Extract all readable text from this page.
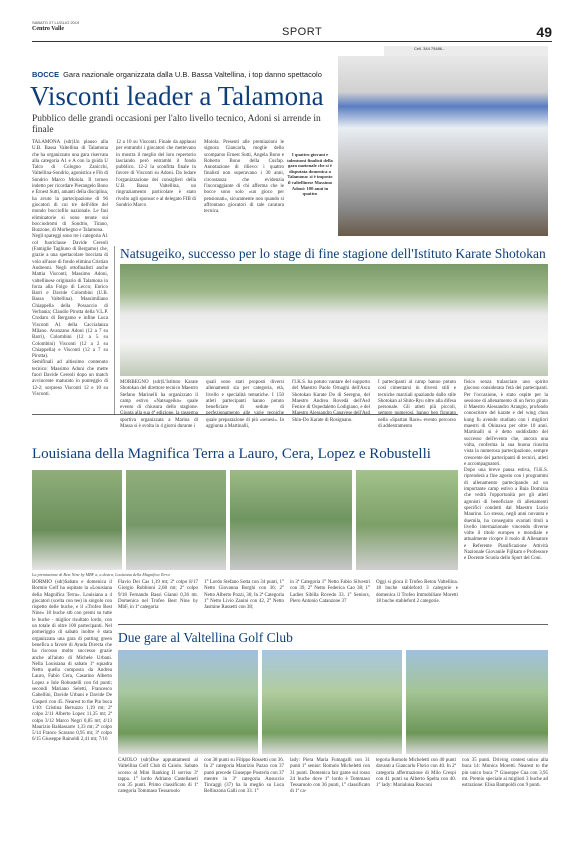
SABATO 27 LUGLIO 2019
Centro Valle	SPORT	49
BOCCE Gara nazionale organizzata dalla U.B. Bassa Valtellina, i top danno spettacolo
Visconti leader a Talamona
Pubblico delle grandi occasioni per l'alto livello tecnico, Adoni si arrende in finale

TALAMONA (sdr)Un plauso alla U.B. Bassa Valtellina di Talamona che ha organizzato una gara riservata alla categoria A1 e A con la guida U Talco di Cologno Zanicchi, Valtellina-Sondrio, agonistica e Fib di Sondrio Marco Moiola. Il torneo indetto per ricordare Pierangelo Bono e Ernest Sutti, amanti della disciplina, ha avuto la partecipazione di 96 giocatori di cui tre dell'élite del mondo bocciofilo nazionale. Le fasi eliminatorie si sono tenute sui bocciodromi di Sondrio, Tirano, Buzzone, di Morbegno e Talamona.

Negli spareggi sono tre i categoria A1 col fuoriclasse Davide Cereoli (Famiglie Tagliuno di Bergamo) che, grazie a una spettacolare bocciata di volo all'asse di fondo elimina Cristian Andreoni. Negli ottofinalisti anche Mattia Visconti; Massimo Adoni, valtellinese originario di Talamona in forza alla Folgo di Lecco; Enrico Barri e Davide Colombini (U.B. Bassa Valtellina). Massimiliano Chiappella della Possaccio di Verbania; Claudio Pirotta della V.L.P. Crodaro di Bergamo e infine Luca Visconti A1 della Caccialanza Milano. Avanzano Adoni (12 a 7 su Barri), Colombini (12 a 5 su Colombini) Visconti (12 a 2 su Chiappella) e Visconti (12 a 7 su Pirotta).

Semifinali ad altissimo contenuto tecnico: Massimo Adoni che mette fuori Davide Cereoli dopo un match avvincente maturato in punteggio di 12-2; sorpreso Visconti 12 e 10 su Visconti.

12 a 10 su Visconti. Finale da applausi per entrambi i giocatori che mettevano in mostra il meglio del loro repertorio lasciando però entrambi il fondo pubblico. 12-2 la sconfitta finale in favore di Visconti su Adoni. Da lodare l'organizzazione dei consiglieri della U.B. Bassa Valtellina, un ringraziamento particolare è stato rivolto agli sponsor e al delegato FIB di Sondrio Marco

Moiola. Presenti alle premiazioni le signora Giancarla, moglie dello scomparso Ernest Sutti, Angela Bono e Roberto Bono della Cusfap. Annotazione di rilievo: i quattro finalisti non superavano i 30 anni, circostanza che evidenzia l'incoraggiante di chi afferma che le bocce sono solo «un gioco per pensionati», sicuramente non quando si affrontano giocatori di tale caratura tecnica.

Cell. 344 75486...
I quattro giovani e talentuosi finalisti della gara nazionale che si è disputata domenica a Talamona: si è imposto il valtellinese Massimo Adoni: 100 anni in quattro
Natsugeiko, successo per lo stage di fine stagione dell'Istituto Karate Shotokan

MORBEGNO (sdr)L'Istituto Karate Shotokan del direttore tecnico Maestro Stefano Marinelli ha organizzato il camp estivo «Natsugeiko» quale evento di chiusura dello stagione. sportiva organizzata a Marina di Massa si è svolta in 4 giorni durante i

quali sono stati proposti diversi allenamenti sia per categoria, età, livello e specialità tematiche. I 150 atleti partecipanti hanno potuto beneficiare di sedute di quale preparazione di più «senesi». In aggiunta a Martinalli,

l'I.K.S. ha potuto vantare del supporto del Maestro Paolo Ornaghi dell'Asca Shotokan Karate Do di Seregno, del Maestro Andrea Rovedà dell'Asd Fenice di Ospedaletto Lodigiano, e del Shin-Do Karate di Rosignano.

I partecipanti al camp hanno potuto così cimentarsi in diversi stili e tecniche marziali spaziando dallo stile Shotokan al Shito-Ryu oltre alla difesa personale. Gli atleti più piccoli, nella «Spartan Race» evento percorso di addestramento

fisico senza tralasciare uno spirito giocoso considerata l'età dei partecipanti. Per l'occasione, è stato ospite per la sessione di allenamento di un ferro girato il Maestro Alessandro Arangio, profondo conoscitore del karate e del wing chun kung fu avendo studiato con i migliori maestri di Okinawa per oltre 10 anni. Martinalli si è detto soddisfatto del successo dell'evento che, ancora una volta, conferma la sua buona riuscita vista la numerosa partecipazione, sempre crescente dei partecipanti di tecnici, atleti e accompagnatori.

Dopo una breve pausa estiva, l'I.K.S. riprenderà a fine agosto con i programmi di allenamento partecipando ad un importante camp estivo a Baia Domizia che vedrà l'opportunità per gli atleti agonisti di beneficiare di allenamenti specifici condotti dal Maestro Lucio Maurino. Lo stesso, negli anni novanta e duemila, ha conseguito svariati titoli a livello internazionale vincendo diverse volte il titolo europeo e mondiale e attualmente ricopre il ruolo di Allenatore e Referente Pianificazione Attività Nazionale Giovanile Fijlkam e Professore e Docente Scuola dello Sport del Coni.

Louisiana della Magnifica Terra a Lauro, Cera, Lopez e Robustelli
La premiazione di Best Nine by MBF a, a destra, Louisiana della Magnifica Terra

BORMIO (sdr)Sabato e domenica il Bormio Golf ha ospitato la «Louisiana della Magnifica Terra». Louisiana a 4 giocatori (scelta con tee) in singolo con rispetto delle buche, e il «Trofeo Best Nine» 18 buche stb con premi su tutte le buche - miglior risultato lordo, con un totale di oltre 100 partecipanti. Nel pomeriggio di sabato inoltre è stata organizzata una gara di putting green benefica a favore di Ayuda Directa che ha riscosso molto successo grazie anche all'aiuto di Michele Urbani. Nella Louisiana di sabato 1ª squadra Netto quella composta da Andrea Lauro, Fabio Cera, Casarino Alberto Lopez e Iole Robustelli con 64 punti; secondi Mariano Seletti, Francesco Gabellini, Davide Urbani e Davide De Gasperi con 45. Nearest to the Pin buca 1/10: Cristina Bertuzzo 1,19 mt; 2ª colpo 2/11 Alberto Lopez 11,35 mt; 2ª colpo 3/12 Marco Negri 0,85 mt; 4/13 Maurizio Baldassarre 1,33 mt; 2ª colpo 5/14 Franco Scarano 0,95 mt; 3ª colpo 6/15 Giuseppe Rainoldi 2,41 mt; 7/16

Flavio Dei Cas 1,19 mt; 2ª colpo 8/17 Giorgio Robbioni 2,68 mt; 2ª colpo 9/18 Fernando Bassi Gianni 0,36 mt. Domenica nel Trofeo Best Nine by MbF, in 1ª categoria

1° Lordo Stefano Sotta con 34 punti, 1° Netto Giovanna Borghi con 36; 2° Netto Alberto Pozzi, 36; In 2ª Categoria 1° Netto Livio Zanini con 42, 2° Netto Jasmine Rassetti con 38;

in 3ª Categoria 1° Netto Fabio Silvestri con 39, 2° Netto Federica Cao 38; 1° Ladies Sibilla Rovedo 33. 1° Seniors, Piero Antonio Catanzone 37

Oggi si gioca il Trofeo Beton Valtellina. 18 buche stableford 3 categorie e domenica il Trofeo Immobiliare Moretti 18 buche stableford 2 categorie.

Due gare al Valtellina Golf Club

CAIOLO (sdr)Due appuntamenti al Valtellina Golf Club di Caiolo. Sabato scorso al Mini Ranking II sorriso 3ª tappa. 1° lordo Adriano Castellaneti con 35 punti. Primo classificato di 1ª categoria Tommaso Tessaruolo

con 38 punti su Filippo Rossetti con 36. In 2ª categoria Maurizio Pazzo con 37 punti precede Giuseppe Posterla con 37 mentre in 3ª categoria Ansuccio Tincaggi (37) ha la meglio su Luca Bellinzona Galli con 33. 1°

lady: Piera Maria Fumagalli con 31 punti 1° senior: Romolo Micheletti con 31 punti. Domenica fair game sul rosso 24 buche dove 1° lordo è Tommaso Tessaruolo con 36 punti, 1° classificato di 1ª ca-

tegoria Romolo Micheletti con 40 punti davanti a Giancarlo Florio con 40. In 2ª categoria affermazione di Milo Crespi con 41 punti su Alberto Spelta con 40. 1° lady: Marialuisa Rusconi

con 35 punti. Driving contest unico alla buca 14: Monica Moretti. Nearest to the pin unico buca 7ª Giuseppe Cua con 3,95 mt. Premio speciale ai migliori 3 buche ad estrazione: Elisa Rampoldi con 9 punti.
